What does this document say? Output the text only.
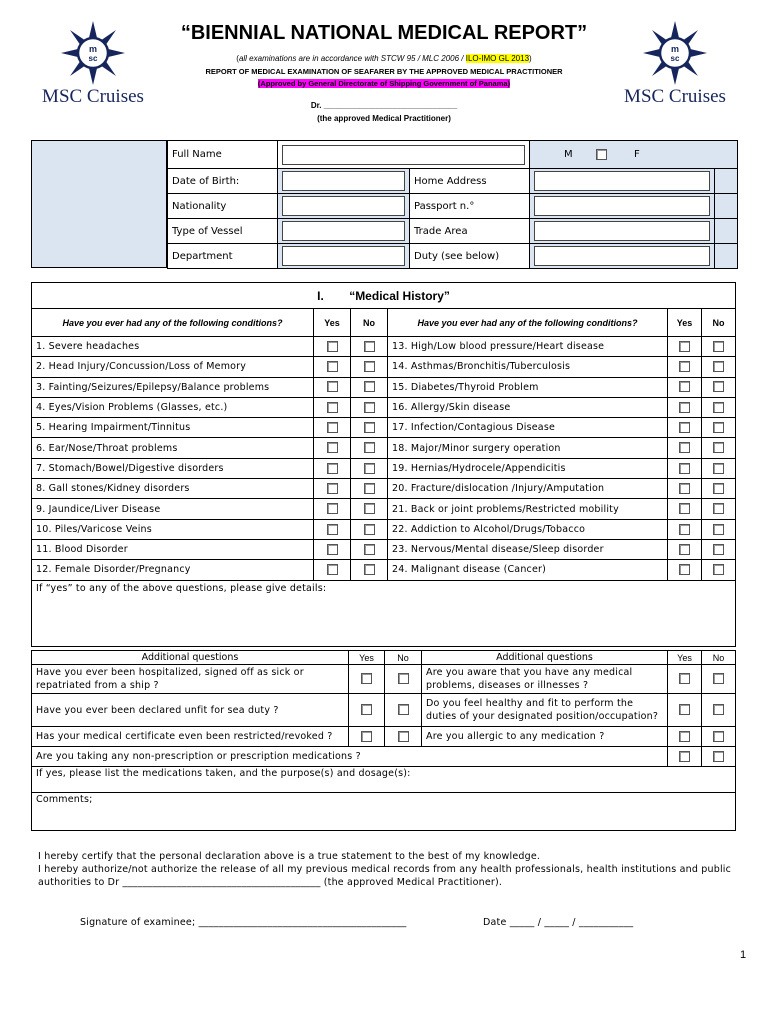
m
sc
MSC Cruises
m
sc
MSC Cruises
“BIENNIAL NATIONAL MEDICAL REPORT”
(all examinations are in accordance with STCW 95 / MLC 2006 / ILO-IMO GL 2013)
REPORT OF MEDICAL EXAMINATION OF SEAFARER BY THE APPROVED MEDICAL PRACTITIONER
(Approved by General Directorate of Shipping Government of Panama)
Dr. ______________________________
(the approved Medical Practitioner)
Full Name			M F	
Date of Birth:		Home Address	

Nationality		Passport n.°	

Type of Vessel		Trade Area	

Department		Duty (see below)	

I. “Medical History”					
Have you ever had any of the following conditions?	Yes	No	Have you ever had any of the following conditions?	Yes	No
1. Severe headaches			13. High/Low blood pressure/Heart disease		
2. Head Injury/Concussion/Loss of Memory			14. Asthmas/Bronchitis/Tuberculosis		
3. Fainting/Seizures/Epilepsy/Balance problems			15. Diabetes/Thyroid Problem		
4. Eyes/Vision Problems (Glasses, etc.)			16. Allergy/Skin disease		
5. Hearing Impairment/Tinnitus			17. Infection/Contagious Disease		
6. Ear/Nose/Throat problems			18. Major/Minor surgery operation		
7. Stomach/Bowel/Digestive disorders			19. Hernias/Hydrocele/Appendicitis		
8. Gall stones/Kidney disorders			20. Fracture/dislocation /Injury/Amputation		
9. Jaundice/Liver Disease			21. Back or joint problems/Restricted mobility		
10. Piles/Varicose Veins			22. Addiction to Alcohol/Drugs/Tobacco		
11. Blood Disorder			23. Nervous/Mental disease/Sleep disorder		
12. Female Disorder/Pregnancy			24. Malignant disease (Cancer)		
If “yes” to any of the above questions, please give details:					
Additional questions	Yes	No	Additional questions	Yes	No
Have you ever been hospitalized, signed off as sick or repatriated from a ship ?			Are you aware that you have any medical problems, diseases or illnesses ?		
Have you ever been declared unfit for sea duty ?			Do you feel healthy and fit to perform the duties of your designated position/occupation?		
Has your medical certificate even been restricted/revoked ?			Are you allergic to any medication ?		
Are you taking any non-prescription or prescription medications ?					
If yes, please list the medications taken, and the purpose(s) and dosage(s):					
Comments;					
I hereby certify that the personal declaration above is a true statement to the best of my knowledge.
I hereby authorize/not authorize the release of all my previous medical records from any health professionals, health institutions and public
authorities to Dr ________________________________________ (the approved Medical Practitioner).
Signature of examinee; __________________________________________	Date _____ / _____ / ___________
1
